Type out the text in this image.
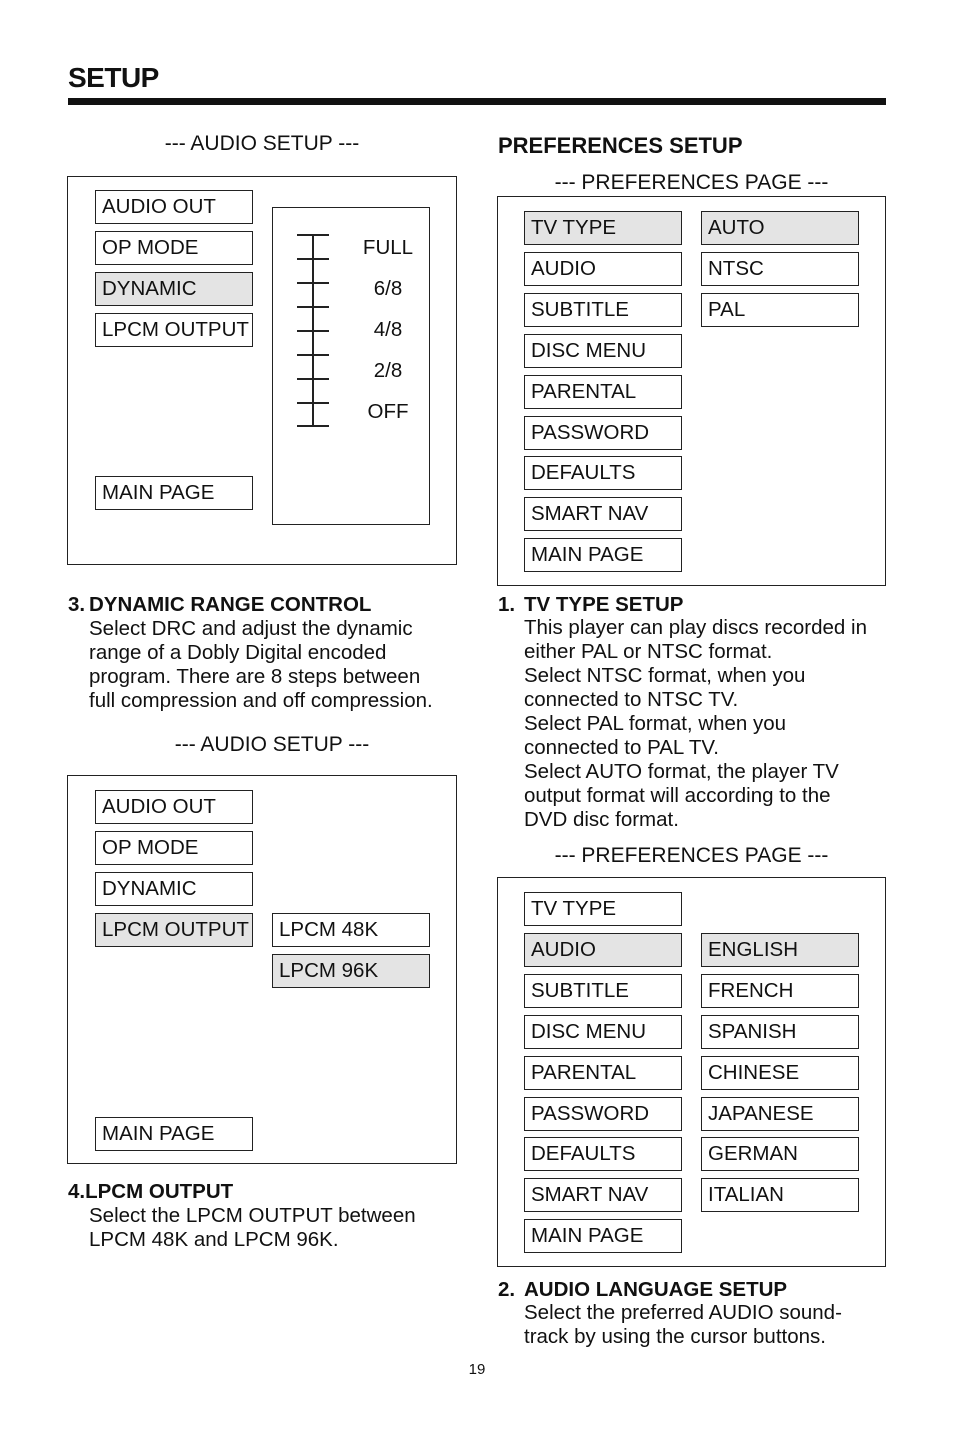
SETUP
--- AUDIO SETUP ---
AUDIO OUT
OP MODE
DYNAMIC
LPCM OUTPUT
MAIN PAGE
FULL
6/8
4/8
2/8
OFF
3. DYNAMIC RANGE CONTROL
Select DRC and adjust the dynamic
range of a Dobly Digital encoded
program. There are 8 steps between
full compression and off compression.
--- AUDIO SETUP ---
AUDIO OUT
OP MODE
DYNAMIC
LPCM OUTPUT	LPCM 48K
LPCM 96K
MAIN PAGE
4.LPCM OUTPUT
Select the LPCM OUTPUT between
LPCM 48K and LPCM 96K.
PREFERENCES SETUP
--- PREFERENCES PAGE ---
TV TYPE
AUDIO
SUBTITLE
DISC MENU
PARENTAL
PASSWORD
DEFAULTS
SMART NAV
MAIN PAGE
AUTO
NTSC
PAL
1. TV TYPE SETUP
This player can play discs recorded in
either PAL or NTSC format.
Select NTSC format, when you
connected to NTSC TV.
Select PAL format, when you
connected to PAL TV.
Select AUTO format, the player TV
output format will according to the
DVD disc format.
--- PREFERENCES PAGE ---
TV TYPE
AUDIO
SUBTITLE
DISC MENU
PARENTAL
PASSWORD
DEFAULTS
SMART NAV
MAIN PAGE
ENGLISH
FRENCH
SPANISH
CHINESE
JAPANESE
GERMAN
ITALIAN
2. AUDIO LANGUAGE SETUP
Select the preferred AUDIO sound-
track by using the cursor buttons.
19
